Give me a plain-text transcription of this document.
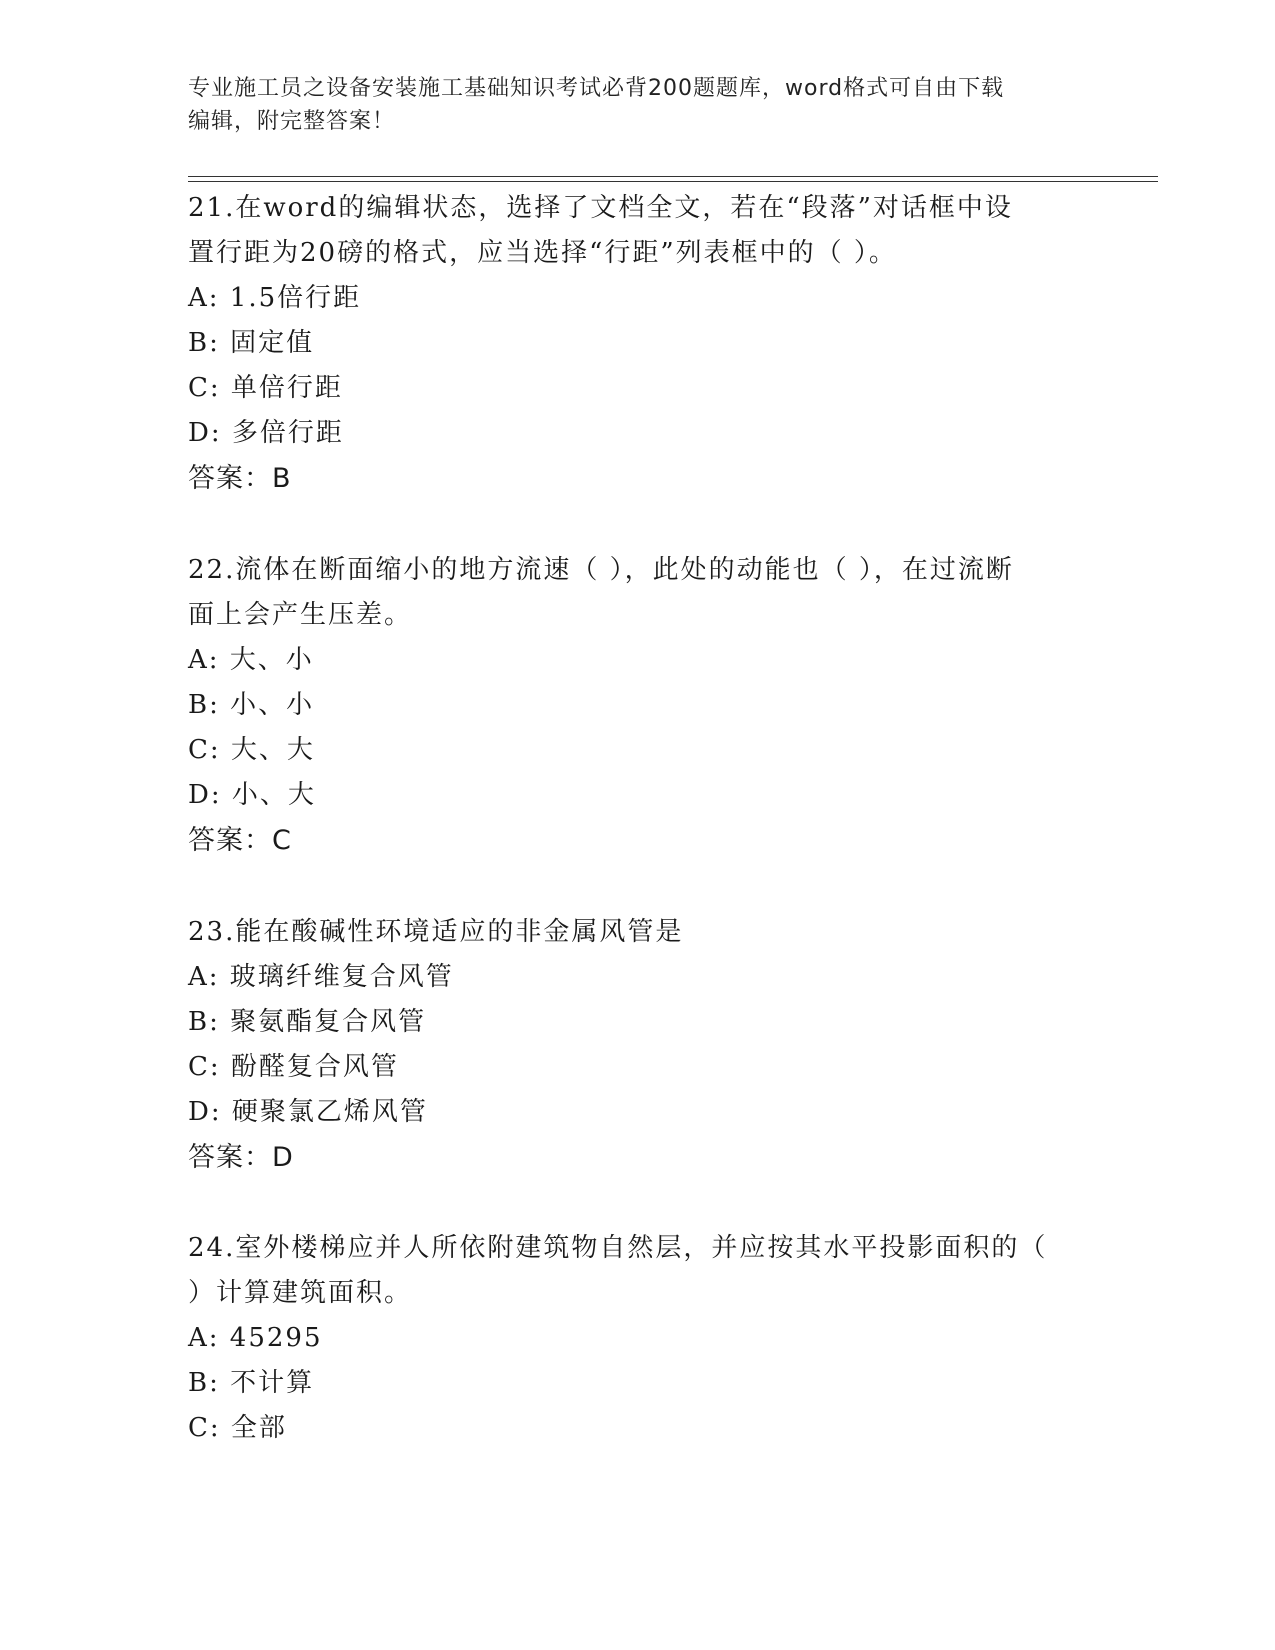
专业施工员之设备安装施工基础知识考试必背200题题库，word格式可自由下载
编辑，附完整答案！
21.在word的编辑状态，选择了文档全文，若在“段落”对话框中设
置行距为20磅的格式，应当选择“行距”列表框中的（ ）。
A: 1.5倍行距
B: 固定值
C: 单倍行距
D: 多倍行距
答案：B
22.流体在断面缩小的地方流速（ ），此处的动能也（ ），在过流断
面上会产生压差。
A: 大、小
B: 小、小
C: 大、大
D: 小、大
答案：C
23.能在酸碱性环境适应的非金属风管是
A: 玻璃纤维复合风管
B: 聚氨酯复合风管
C: 酚醛复合风管
D: 硬聚氯乙烯风管
答案：D
24.室外楼梯应并人所依附建筑物自然层，并应按其水平投影面积的（
）计算建筑面积。
A: 45295
B: 不计算
C: 全部
